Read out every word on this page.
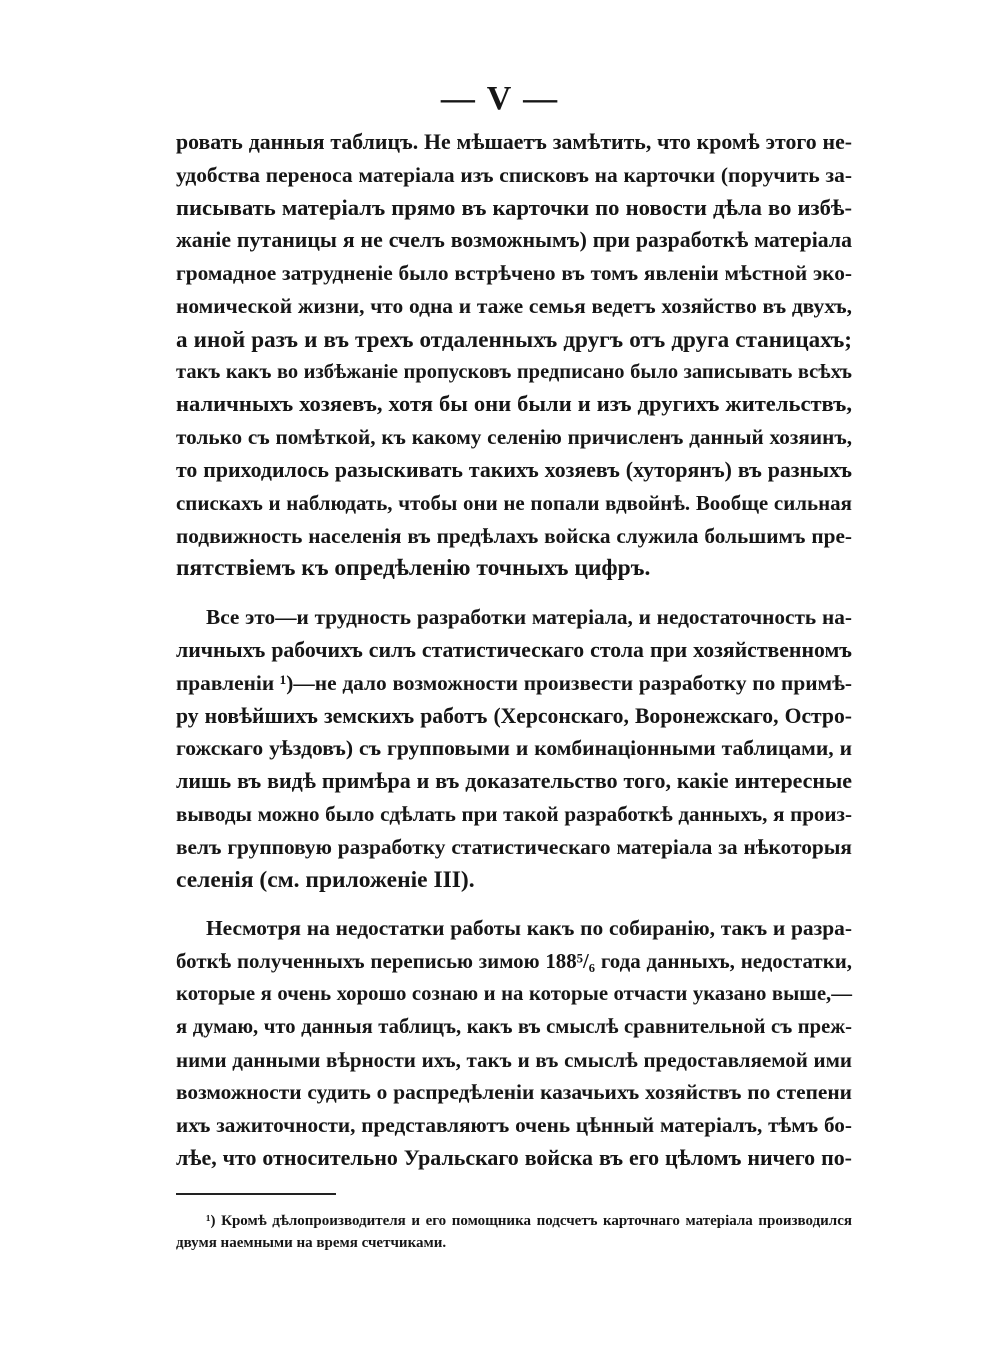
— V —
ровать данныя таблицъ. Не мѣшаетъ замѣтить, что кромѣ этого не-
удобства переноса матеріала изъ списковъ на карточки (поручить за-
писывать матеріалъ прямо въ карточки по новости дѣла во избѣ-
жаніе путаницы я не счелъ возможнымъ) при разработкѣ матеріала
громадное затрудненіе было встрѣчено въ томъ явленіи мѣстной эко-
номической жизни, что одна и таже семья ведетъ хозяйство въ двухъ,
а иной разъ и въ трехъ отдаленныхъ другъ отъ друга станицахъ;
такъ какъ во избѣжаніе пропусковъ предписано было записывать всѣхъ
наличныхъ хозяевъ, хотя бы они были и изъ другихъ жительствъ,
только съ помѣткой, къ какому селенію причисленъ данный хозяинъ,
то приходилось разыскивать такихъ хозяевъ (хуторянъ) въ разныхъ
спискахъ и наблюдать, чтобы они не попали вдвойнѣ. Вообще сильная
подвижность населенія въ предѣлахъ войска служила большимъ пре-
пятствіемъ къ опредѣленію точныхъ цифръ.
Все это—и трудность разработки матеріала, и недостаточность на-
личныхъ рабочихъ силъ статистическаго стола при хозяйственномъ
правленіи ¹)—не дало возможности произвести разработку по примѣ-
ру новѣйшихъ земскихъ работъ (Херсонскаго, Воронежскаго, Остро-
гожскаго уѣздовъ) съ групповыми и комбинаціонными таблицами, и
лишь въ видѣ примѣра и въ доказательство того, какіе интересные
выводы можно было сдѣлать при такой разработкѣ данныхъ, я произ-
велъ групповую разработку статистическаго матеріала за нѣкоторыя
селенія (см. приложеніе III).
Несмотря на недостатки работы какъ по собиранію, такъ и разра-
боткѣ полученныхъ переписью зимою 188⁵/₆ года данныхъ, недостатки,
которые я очень хорошо сознаю и на которые отчасти указано выше,—
я думаю, что данныя таблицъ, какъ въ смыслѣ сравнительной съ преж-
ними данными вѣрности ихъ, такъ и въ смыслѣ предоставляемой ими
возможности судить о распредѣленіи казачьихъ хозяйствъ по степени
ихъ зажиточности, представляютъ очень цѣнный матеріалъ, тѣмъ бо-
лѣе, что относительно Уральскаго войска въ его цѣломъ ничего по-
¹) Кромѣ дѣлопроизводителя и его помощника подсчетъ карточнаго матеріала производился
двумя наемными на время счетчиками.
